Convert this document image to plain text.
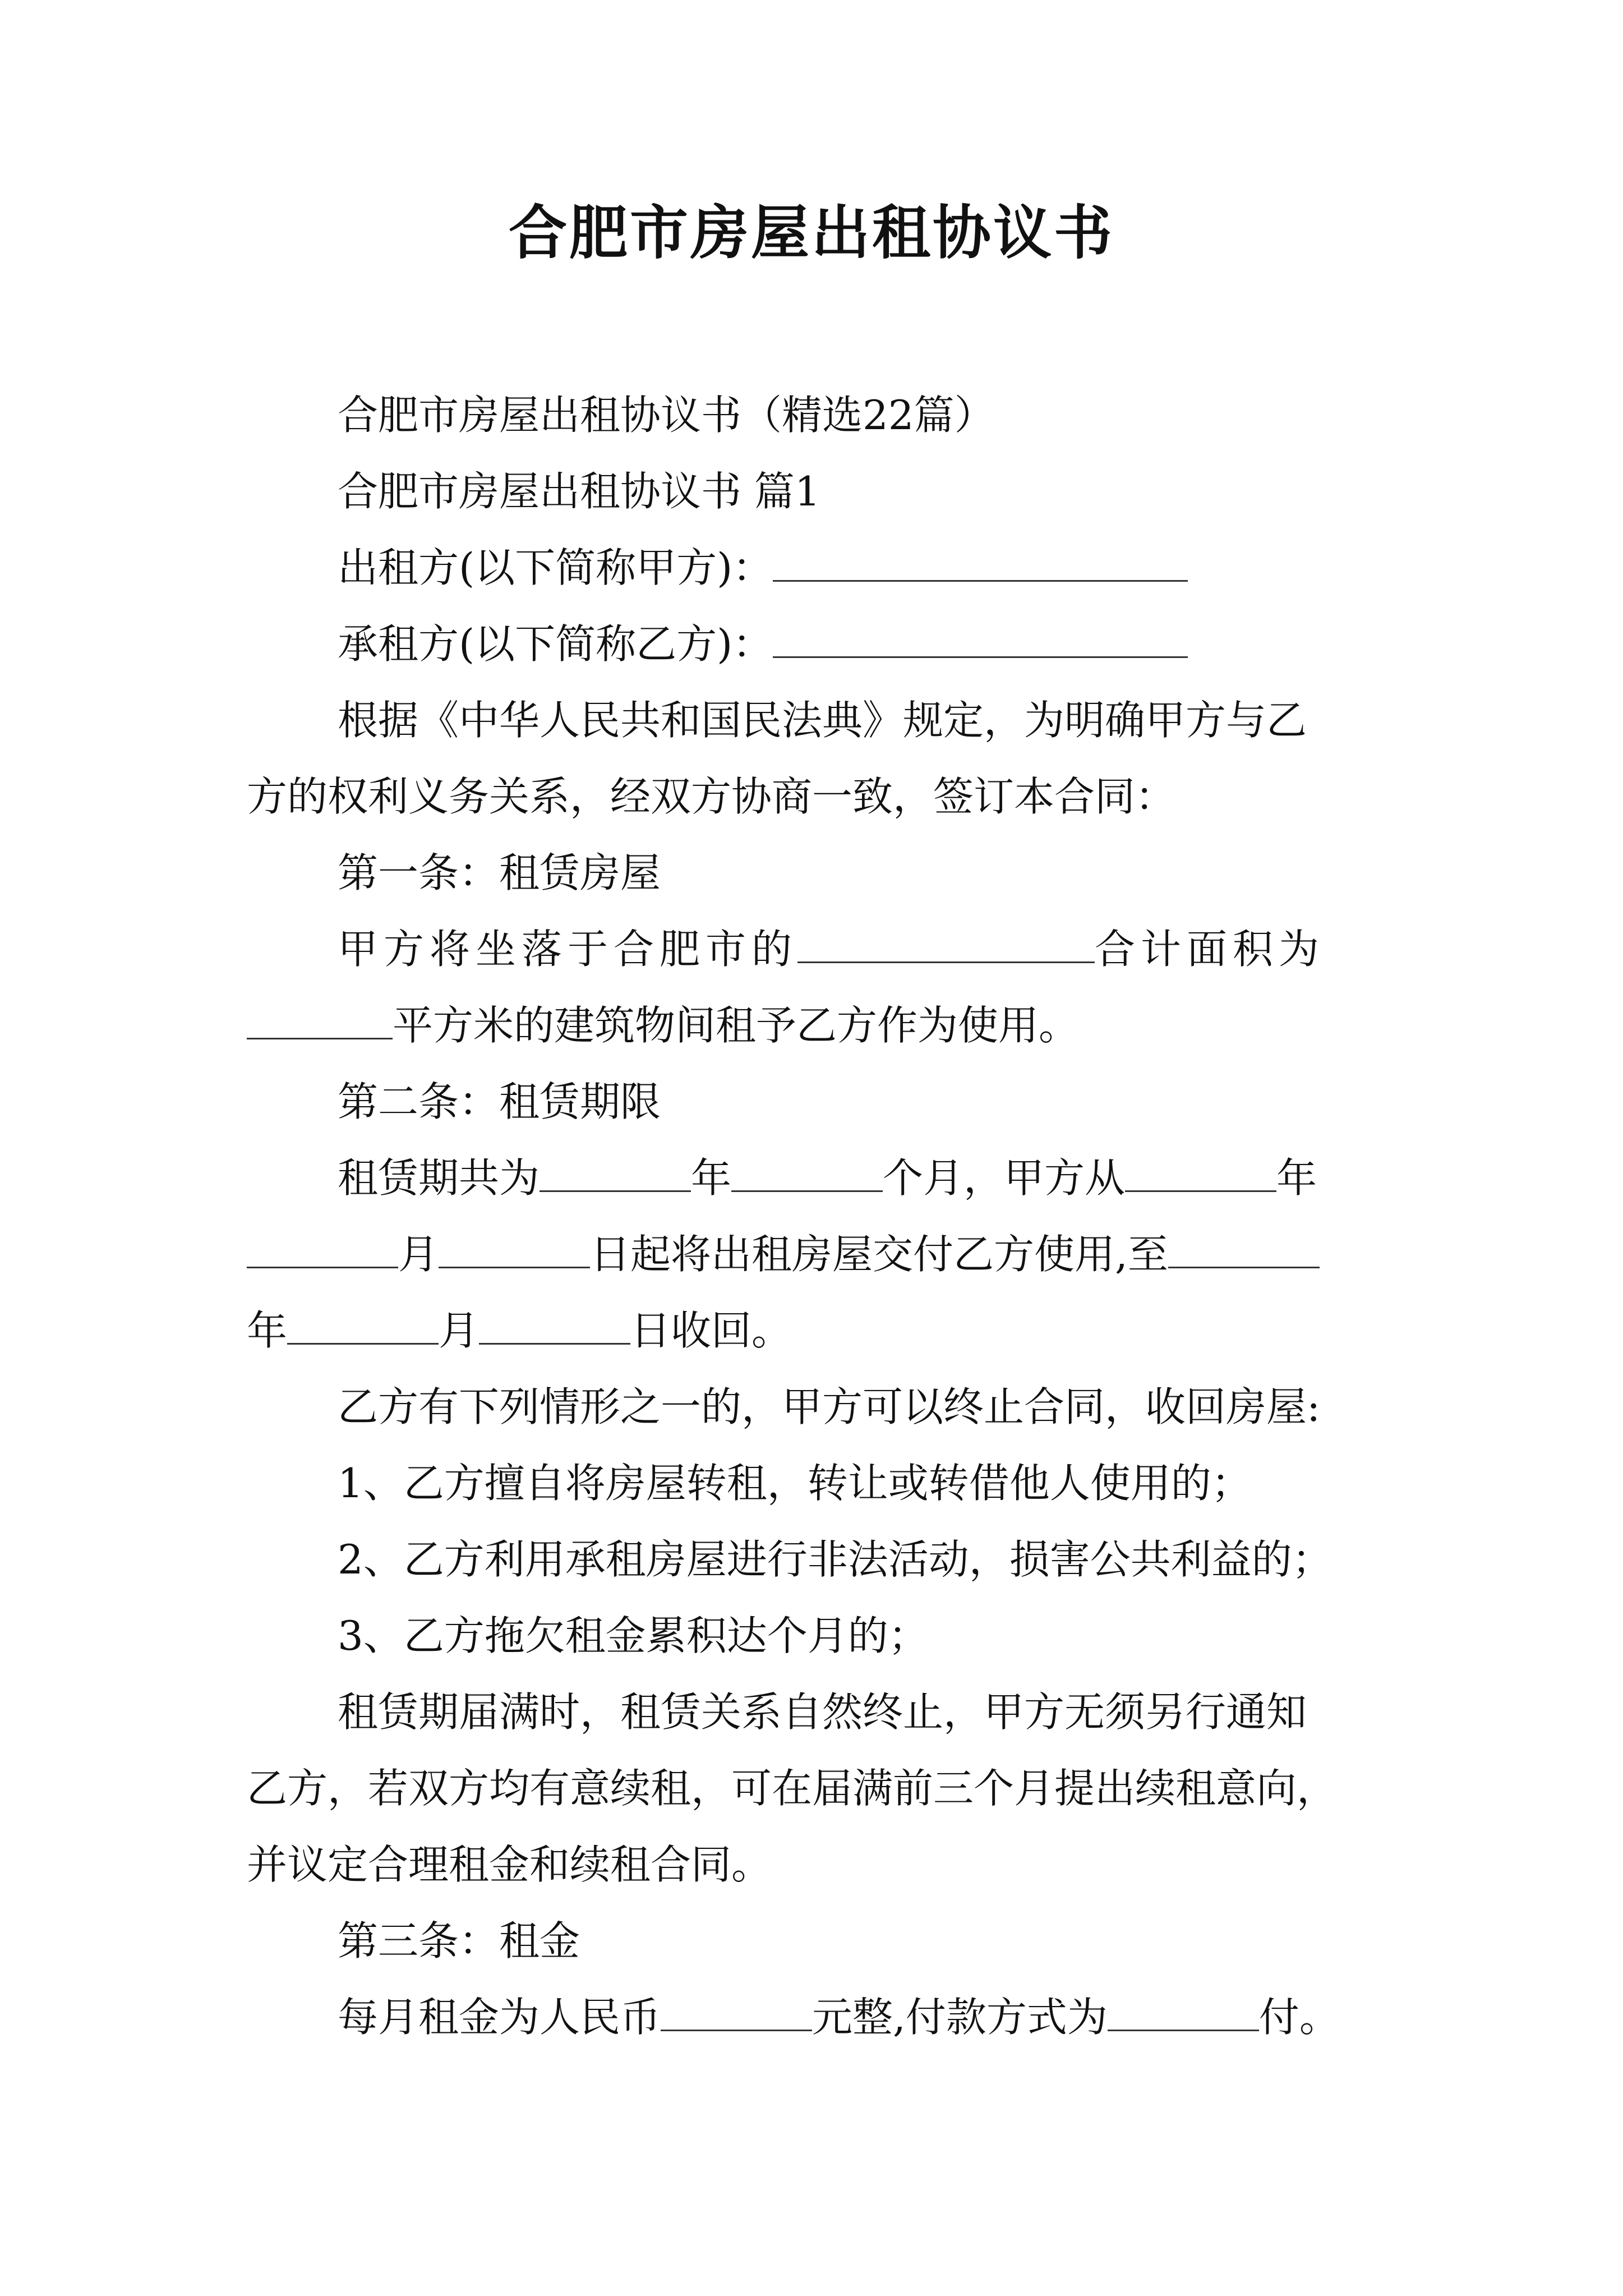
合肥市房屋出租协议书
合肥市房屋出租协议书（精选22篇）
合肥市房屋出租协议书 篇1
出租方(以下简称甲方)：
承租方(以下简称乙方)：
根据《中华人民共和国民法典》规定，为明确甲方与乙
方的权利义务关系，经双方协商一致，签订本合同：
第一条：租赁房屋
甲方将坐落于合肥市的	合计面积为
平方米的建筑物间租予乙方作为使用。
第二条：租赁期限
租赁期共为	年	个月，甲方从	年
月	日起将出租房屋交付乙方使用,至
年	月	日收回。
乙方有下列情形之一的，甲方可以终止合同，收回房屋:
1、乙方擅自将房屋转租，转让或转借他人使用的；
2、乙方利用承租房屋进行非法活动，损害公共利益的；
3、乙方拖欠租金累积达个月的；
租赁期届满时，租赁关系自然终止，甲方无须另行通知
乙方，若双方均有意续租，可在届满前三个月提出续租意向，
并议定合理租金和续租合同。
第三条：租金
每月租金为人民币	元整,付款方式为	付。
